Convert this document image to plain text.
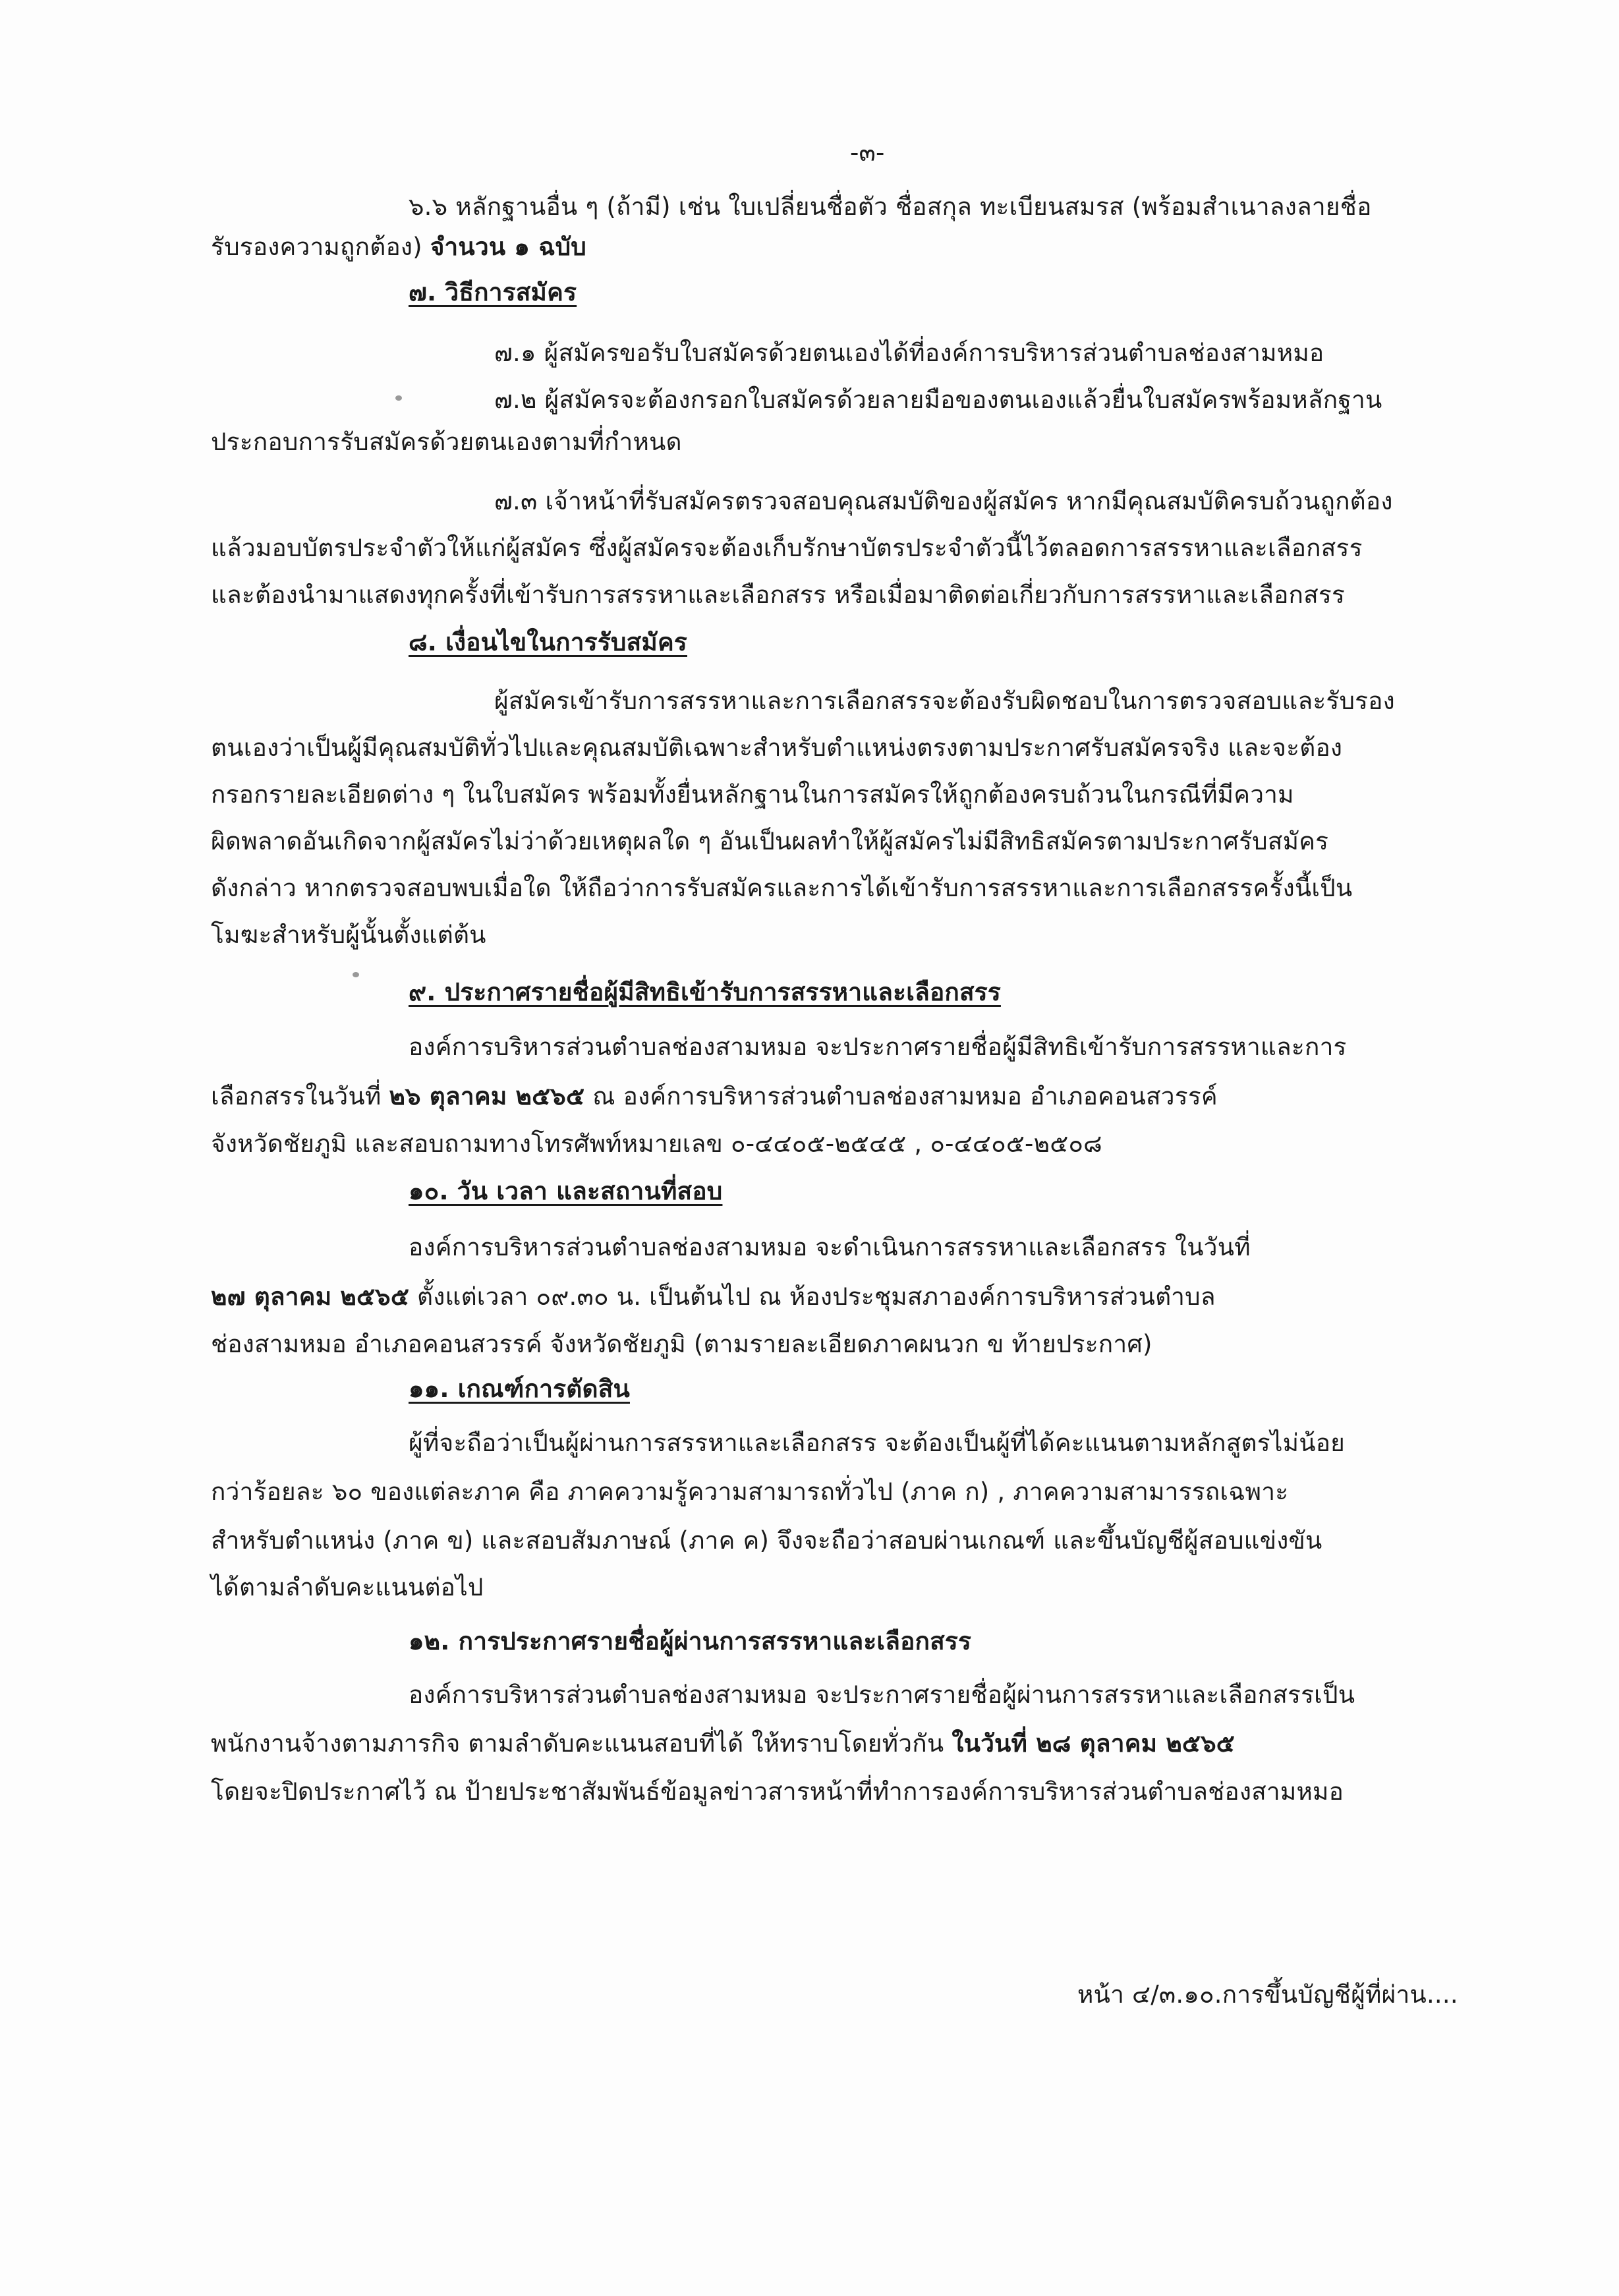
-๓-
๖.๖ หลักฐานอื่น ๆ (ถ้ามี) เช่น ใบเปลี่ยนชื่อตัว ชื่อสกุล ทะเบียนสมรส (พร้อมสำเนาลงลายชื่อ
รับรองความถูกต้อง) จำนวน ๑ ฉบับ
๗. วิธีการสมัคร
๗.๑ ผู้สมัครขอรับใบสมัครด้วยตนเองได้ที่องค์การบริหารส่วนตำบลช่องสามหมอ
๗.๒ ผู้สมัครจะต้องกรอกใบสมัครด้วยลายมือของตนเองแล้วยื่นใบสมัครพร้อมหลักฐาน
ประกอบการรับสมัครด้วยตนเองตามที่กำหนด
๗.๓ เจ้าหน้าที่รับสมัครตรวจสอบคุณสมบัติของผู้สมัคร หากมีคุณสมบัติครบถ้วนถูกต้อง
แล้วมอบบัตรประจำตัวให้แก่ผู้สมัคร ซึ่งผู้สมัครจะต้องเก็บรักษาบัตรประจำตัวนี้ไว้ตลอดการสรรหาและเลือกสรร
และต้องนำมาแสดงทุกครั้งที่เข้ารับการสรรหาและเลือกสรร หรือเมื่อมาติดต่อเกี่ยวกับการสรรหาและเลือกสรร
๘. เงื่อนไขในการรับสมัคร
ผู้สมัครเข้ารับการสรรหาและการเลือกสรรจะต้องรับผิดชอบในการตรวจสอบและรับรอง
ตนเองว่าเป็นผู้มีคุณสมบัติทั่วไปและคุณสมบัติเฉพาะสำหรับตำแหน่งตรงตามประกาศรับสมัครจริง และจะต้อง
กรอกรายละเอียดต่าง ๆ ในใบสมัคร พร้อมทั้งยื่นหลักฐานในการสมัครให้ถูกต้องครบถ้วนในกรณีที่มีความ
ผิดพลาดอันเกิดจากผู้สมัครไม่ว่าด้วยเหตุผลใด ๆ อันเป็นผลทำให้ผู้สมัครไม่มีสิทธิสมัครตามประกาศรับสมัคร
ดังกล่าว หากตรวจสอบพบเมื่อใด ให้ถือว่าการรับสมัครและการได้เข้ารับการสรรหาและการเลือกสรรครั้งนี้เป็น
โมฆะสำหรับผู้นั้นตั้งแต่ต้น
๙. ประกาศรายชื่อผู้มีสิทธิเข้ารับการสรรหาและเลือกสรร
องค์การบริหารส่วนตำบลช่องสามหมอ จะประกาศรายชื่อผู้มีสิทธิเข้ารับการสรรหาและการ
เลือกสรรในวันที่ ๒๖ ตุลาคม ๒๕๖๕ ณ องค์การบริหารส่วนตำบลช่องสามหมอ อำเภอคอนสวรรค์
จังหวัดชัยภูมิ และสอบถามทางโทรศัพท์หมายเลข ๐-๔๔๐๕-๒๕๔๕ , ๐-๔๔๐๕-๒๕๐๘
๑๐. วัน เวลา และสถานที่สอบ
องค์การบริหารส่วนตำบลช่องสามหมอ จะดำเนินการสรรหาและเลือกสรร ในวันที่
๒๗ ตุลาคม ๒๕๖๕ ตั้งแต่เวลา ๐๙.๓๐ น. เป็นต้นไป ณ ห้องประชุมสภาองค์การบริหารส่วนตำบล
ช่องสามหมอ อำเภอคอนสวรรค์ จังหวัดชัยภูมิ (ตามรายละเอียดภาคผนวก ข ท้ายประกาศ)
๑๑. เกณฑ์การตัดสิน
ผู้ที่จะถือว่าเป็นผู้ผ่านการสรรหาและเลือกสรร จะต้องเป็นผู้ที่ได้คะแนนตามหลักสูตรไม่น้อย
กว่าร้อยละ ๖๐ ของแต่ละภาค คือ ภาคความรู้ความสามารถทั่วไป (ภาค ก) , ภาคความสามารรถเฉพาะ
สำหรับตำแหน่ง (ภาค ข) และสอบสัมภาษณ์ (ภาค ค) จึงจะถือว่าสอบผ่านเกณฑ์ และขึ้นบัญชีผู้สอบแข่งขัน
ได้ตามลำดับคะแนนต่อไป
๑๒. การประกาศรายชื่อผู้ผ่านการสรรหาและเลือกสรร
องค์การบริหารส่วนตำบลช่องสามหมอ จะประกาศรายชื่อผู้ผ่านการสรรหาและเลือกสรรเป็น
พนักงานจ้างตามภารกิจ ตามลำดับคะแนนสอบที่ได้ ให้ทราบโดยทั่วกัน ในวันที่ ๒๘ ตุลาคม ๒๕๖๕
โดยจะปิดประกาศไว้ ณ ป้ายประชาสัมพันธ์ข้อมูลข่าวสารหน้าที่ทำการองค์การบริหารส่วนตำบลช่องสามหมอ
หน้า ๔/๓.๑๐.การขึ้นบัญชีผู้ที่ผ่าน....
